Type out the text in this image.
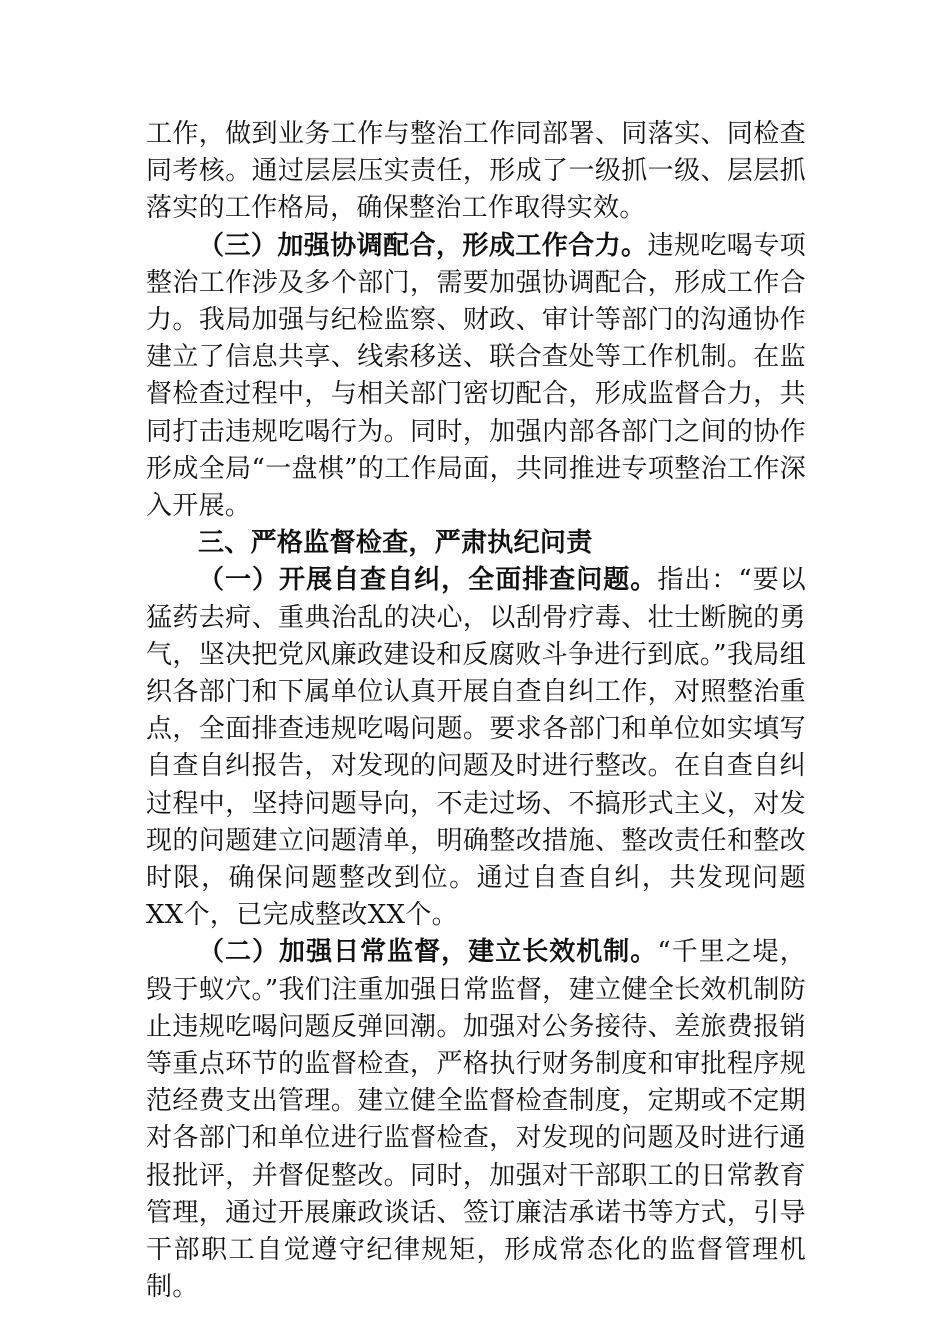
工作，做到业务工作与整治工作同部署、同落实、同检查同考核。通过层层压实责任，形成了一级抓一级、层层抓落实的工作格局，确保整治工作取得实效。

（三）加强协调配合，形成工作合力。违规吃喝专项整治工作涉及多个部门，需要加强协调配合，形成工作合力。我局加强与纪检监察、财政、审计等部门的沟通协作建立了信息共享、线索移送、联合查处等工作机制。在监督检查过程中，与相关部门密切配合，形成监督合力，共同打击违规吃喝行为。同时，加强内部各部门之间的协作形成全局“一盘棋”的工作局面，共同推进专项整治工作深入开展。

三、严格监督检查，严肃执纪问责

（一）开展自查自纠，全面排查问题。指出：“要以猛药去疴、重典治乱的决心，以刮骨疗毒、壮士断腕的勇气，坚决把党风廉政建设和反腐败斗争进行到底。”我局组织各部门和下属单位认真开展自查自纠工作，对照整治重点，全面排查违规吃喝问题。要求各部门和单位如实填写自查自纠报告，对发现的问题及时进行整改。在自查自纠过程中，坚持问题导向，不走过场、不搞形式主义，对发现的问题建立问题清单，明确整改措施、整改责任和整改时限，确保问题整改到位。通过自查自纠，共发现问题XX个，已完成整改XX个。

（二）加强日常监督，建立长效机制。“千里之堤，毁于蚁穴。”我们注重加强日常监督，建立健全长效机制防止违规吃喝问题反弹回潮。加强对公务接待、差旅费报销等重点环节的监督检查，严格执行财务制度和审批程序规范经费支出管理。建立健全监督检查制度，定期或不定期对各部门和单位进行监督检查，对发现的问题及时进行通报批评，并督促整改。同时，加强对干部职工的日常教育管理，通过开展廉政谈话、签订廉洁承诺书等方式，引导干部职工自觉遵守纪律规矩，形成常态化的监督管理机制。
